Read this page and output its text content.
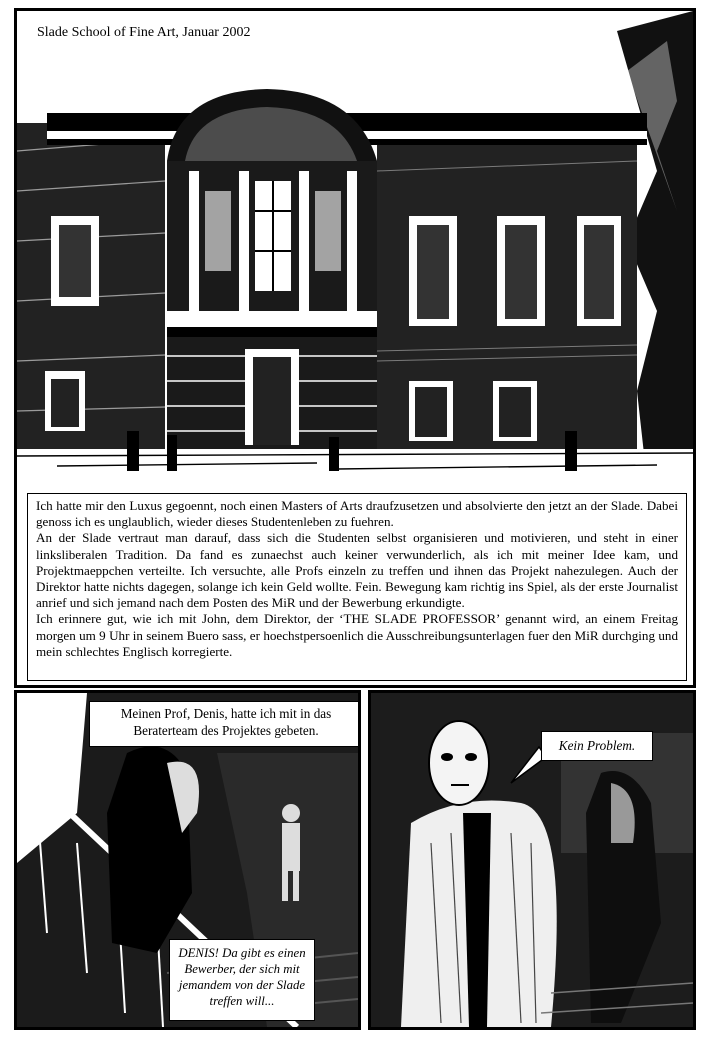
Slade School of Fine Art, Januar 2002

Ich hatte mir den Luxus gegoennt, noch einen Masters of Arts draufzusetzen und absolvierte den jetzt an der Slade. Dabei genoss ich es unglaublich, wieder dieses Studentenleben zu fuehren.

An der Slade vertraut man darauf, dass sich die Studenten selbst organisieren und motivieren, und steht in einer linksliberalen Tradition. Da fand es zunaechst auch keiner verwunderlich, als ich mit meiner Idee kam, und Projektmaeppchen verteilte. Ich versuchte, alle Profs einzeln zu treffen und ihnen das Projekt nahezulegen. Auch der Direktor hatte nichts dagegen, solange ich kein Geld wollte. Fein. Bewegung kam richtig ins Spiel, als der erste Journalist anrief und sich jemand nach dem Posten des MiR und der Bewerbung erkundigte.

Ich erinnere gut, wie ich mit John, dem Direktor, der ‘THE SLADE PROFESSOR’ genannt wird, an einem Freitag morgen um 9 Uhr in seinem Buero sass, er hoechstpersoenlich die Ausschreibungsunterlagen fuer den MiR durchging und mein schlechtes Englisch korregierte.

Meinen Prof, Denis, hatte ich mit in das Beraterteam des Projektes gebeten.
DENIS! Da gibt es einen Bewerber, der sich mit jemandem von der Slade treffen will...
Kein Problem.
